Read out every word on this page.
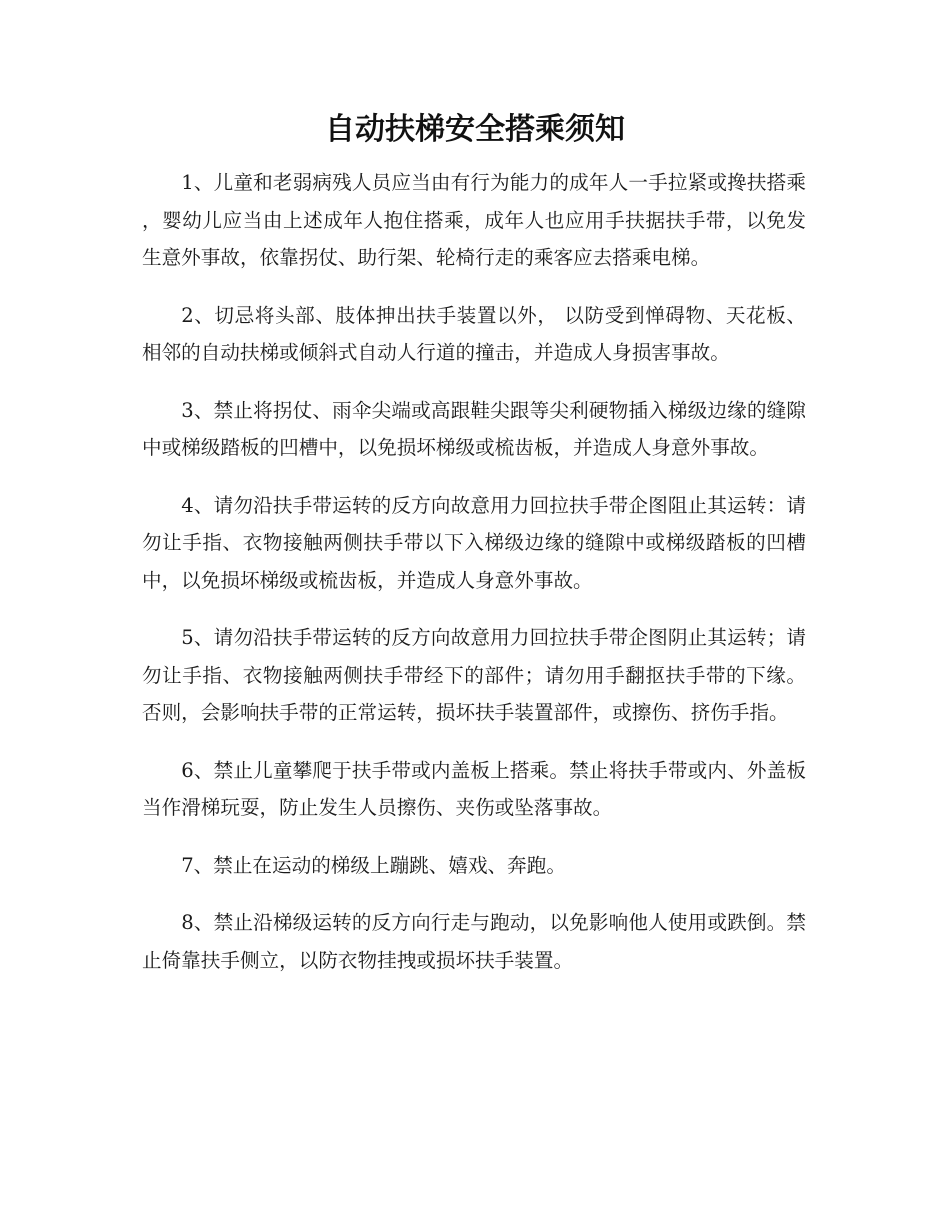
自动扶梯安全搭乘须知

1、儿童和老弱病残人员应当由有行为能力的成年人一手拉紧或搀扶搭乘，婴幼儿应当由上述成年人抱住搭乘，成年人也应用手扶据扶手带，以免发生意外事故，依靠拐仗、助行架、轮椅行走的乘客应去搭乘电梯。

2、切忌将头部、肢体抻出扶手装置以外， 以防受到惮碍物、天花板、相邻的自动扶梯或倾斜式自动人行道的撞击，并造成人身损害事故。

3、禁止将拐仗、雨伞尖端或高跟鞋尖跟等尖利硬物插入梯级边缘的缝隙中或梯级踏板的凹槽中，以免损坏梯级或梳齿板，并造成人身意外事故。

4、请勿沿扶手带运转的反方向故意用力回拉扶手带企图阻止其运转：请勿让手指、衣物接触两侧扶手带以下入梯级边缘的缝隙中或梯级踏板的凹槽中，以免损坏梯级或梳齿板，并造成人身意外事故。

5、请勿沿扶手带运转的反方向故意用力回拉扶手带企图阴止其运转；请勿让手指、衣物接触两侧扶手带经下的部件；请勿用手翻抠扶手带的下缘。否则，会影响扶手带的正常运转，损坏扶手装置部件，或擦伤、挤伤手指。

6、禁止儿童攀爬于扶手带或内盖板上搭乘。禁止将扶手带或内、外盖板当作滑梯玩耍，防止发生人员擦伤、夹伤或坠落事故。

7、禁止在运动的梯级上蹦跳、嬉戏、奔跑。

8、禁止沿梯级运转的反方向行走与跑动，以免影响他人使用或跌倒。禁止倚靠扶手侧立，以防衣物挂拽或损坏扶手装置。
